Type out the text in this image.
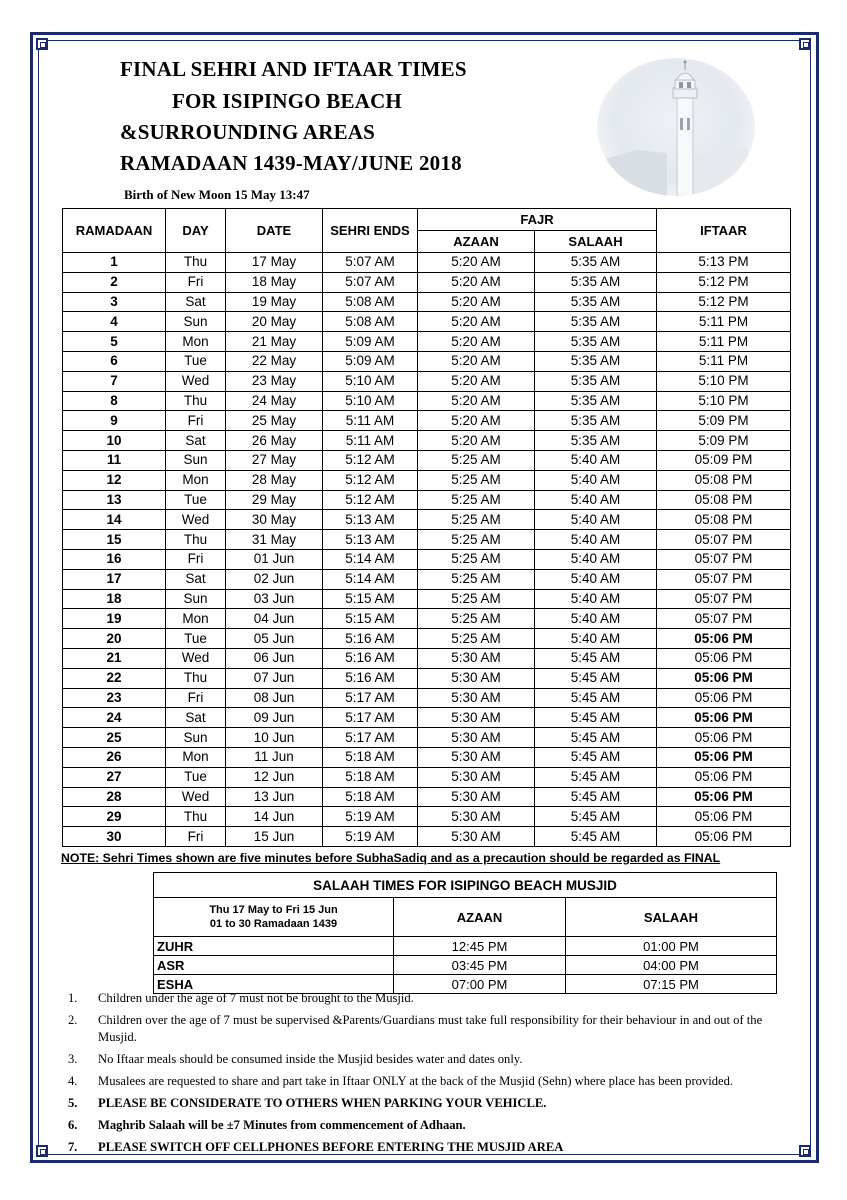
FINAL SEHRI AND IFTAAR TIMES
FOR ISIPINGO BEACH
&SURROUNDING AREAS
RAMADAAN 1439-MAY/JUNE 2018
Birth of New Moon 15 May 13:47
RAMADAAN	DAY	DATE	SEHRI ENDS	FAJR		IFTAAR
				AZAAN	SALAAH	
1	Thu	17 May	5:07 AM	5:20 AM	5:35 AM	5:13 PM
2	Fri	18 May	5:07 AM	5:20 AM	5:35 AM	5:12 PM
3	Sat	19 May	5:08 AM	5:20 AM	5:35 AM	5:12 PM
4	Sun	20 May	5:08 AM	5:20 AM	5:35 AM	5:11 PM
5	Mon	21 May	5:09 AM	5:20 AM	5:35 AM	5:11 PM
6	Tue	22 May	5:09 AM	5:20 AM	5:35 AM	5:11 PM
7	Wed	23 May	5:10 AM	5:20 AM	5:35 AM	5:10 PM
8	Thu	24 May	5:10 AM	5:20 AM	5:35 AM	5:10 PM
9	Fri	25 May	5:11 AM	5:20 AM	5:35 AM	5:09 PM
10	Sat	26 May	5:11 AM	5:20 AM	5:35 AM	5:09 PM
11	Sun	27 May	5:12 AM	5:25 AM	5:40 AM	05:09 PM
12	Mon	28 May	5:12 AM	5:25 AM	5:40 AM	05:08 PM
13	Tue	29 May	5:12 AM	5:25 AM	5:40 AM	05:08 PM
14	Wed	30 May	5:13 AM	5:25 AM	5:40 AM	05:08 PM
15	Thu	31 May	5:13 AM	5:25 AM	5:40 AM	05:07 PM
16	Fri	01 Jun	5:14 AM	5:25 AM	5:40 AM	05:07 PM
17	Sat	02 Jun	5:14 AM	5:25 AM	5:40 AM	05:07 PM
18	Sun	03 Jun	5:15 AM	5:25 AM	5:40 AM	05:07 PM
19	Mon	04 Jun	5:15 AM	5:25 AM	5:40 AM	05:07 PM
20	Tue	05 Jun	5:16 AM	5:25 AM	5:40 AM	05:06 PM
21	Wed	06 Jun	5:16 AM	5:30 AM	5:45 AM	05:06 PM
22	Thu	07 Jun	5:16 AM	5:30 AM	5:45 AM	05:06 PM
23	Fri	08 Jun	5:17 AM	5:30 AM	5:45 AM	05:06 PM
24	Sat	09 Jun	5:17 AM	5:30 AM	5:45 AM	05:06 PM
25	Sun	10 Jun	5:17 AM	5:30 AM	5:45 AM	05:06 PM
26	Mon	11 Jun	5:18 AM	5:30 AM	5:45 AM	05:06 PM
27	Tue	12 Jun	5:18 AM	5:30 AM	5:45 AM	05:06 PM
28	Wed	13 Jun	5:18 AM	5:30 AM	5:45 AM	05:06 PM
29	Thu	14 Jun	5:19 AM	5:30 AM	5:45 AM	05:06 PM
30	Fri	15 Jun	5:19 AM	5:30 AM	5:45 AM	05:06 PM
NOTE: Sehri Times shown are five minutes before SubhaSadiq and as a precaution should be regarded as FINAL
SALAAH TIMES FOR ISIPINGO BEACH MUSJID		
Thu 17 May to Fri 15 Jun
01 to 30 Ramadaan 1439	AZAAN	SALAAH
ZUHR	12:45 PM	01:00 PM
ASR	03:45 PM	04:00 PM
ESHA	07:00 PM	07:15 PM
1. Children under the age of 7 must not be brought to the Musjid.
2. Children over the age of 7 must be supervised &Parents/Guardians must take full responsibility for their behaviour in and out of the Musjid.
3. No Iftaar meals should be consumed inside the Musjid besides water and dates only.
4. Musalees are requested to share and part take in Iftaar ONLY at the back of the Musjid (Sehn) where place has been provided.
5. PLEASE BE CONSIDERATE TO OTHERS WHEN PARKING YOUR VEHICLE.
6. Maghrib Salaah will be ±7 Minutes from commencement of Adhaan.
7. PLEASE SWITCH OFF CELLPHONES BEFORE ENTERING THE MUSJID AREA
